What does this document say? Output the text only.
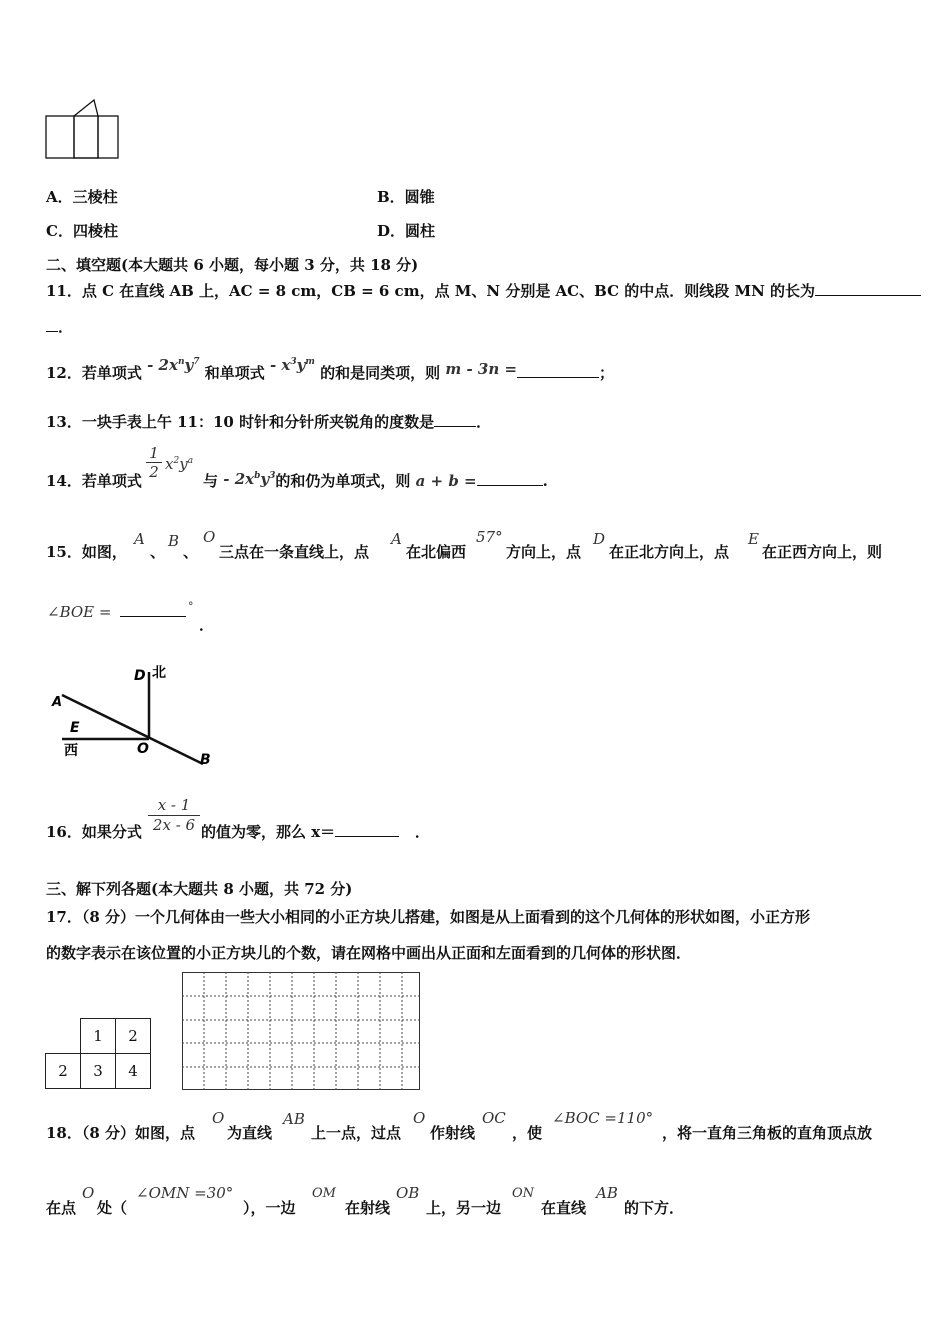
A．三棱柱	B．圆锥
C．四棱柱	D．圆柱
二、填空题(本大题共 6 小题，每小题 3 分，共 18 分)
11．点 C 在直线 AB 上，AC = 8 cm，CB = 6 cm，点 M、N 分别是 AC、BC 的中点．则线段 MN 的长为
．
12．若单项式 - $2x^ny^7$ 和单项式 - $x^3y^m$ 的和是同类项，则 m - 3n =	；
13．一块手表上午 11：10 时针和分针所夹锐角的度数是	．
14．若单项式 $\frac{1}{2} x^2y^a$
与 - $2x^by^3$的和仍为单项式，则 a + b =	.
15．如图，
A
、
B
、
O
三点在一条直线上，点
A
在北偏西
57°
方向上，点
D
在正北方向上，点
E
在正西方向上，则
∠BOE =	°
．
D 北
A
E
西	O
B
16．如果分式 $\frac{x - 1}{2x - 6}$ 的值为零，那么 x＝	．
三、解下列各题(本大题共 8 小题，共 72 分)
17．（8 分）一个几何体由一些大小相同的小正方块儿搭建，如图是从上面看到的这个几何体的形状如图，小正方形
的数字表示在该位置的小正方块儿的个数，请在网格中画出从正面和左面看到的几何体的形状图．
	1	2
2	3	4
18．（8 分）如图，点
O
为直线
AB
上一点，过点
O
作射线
OC
，使
∠BOC =110°
，将一直角三角板的直角顶点放
在点
O
处（
∠OMN =30°
），一边
OM
在射线
OB
上，另一边
ON
在直线
AB
的下方．
